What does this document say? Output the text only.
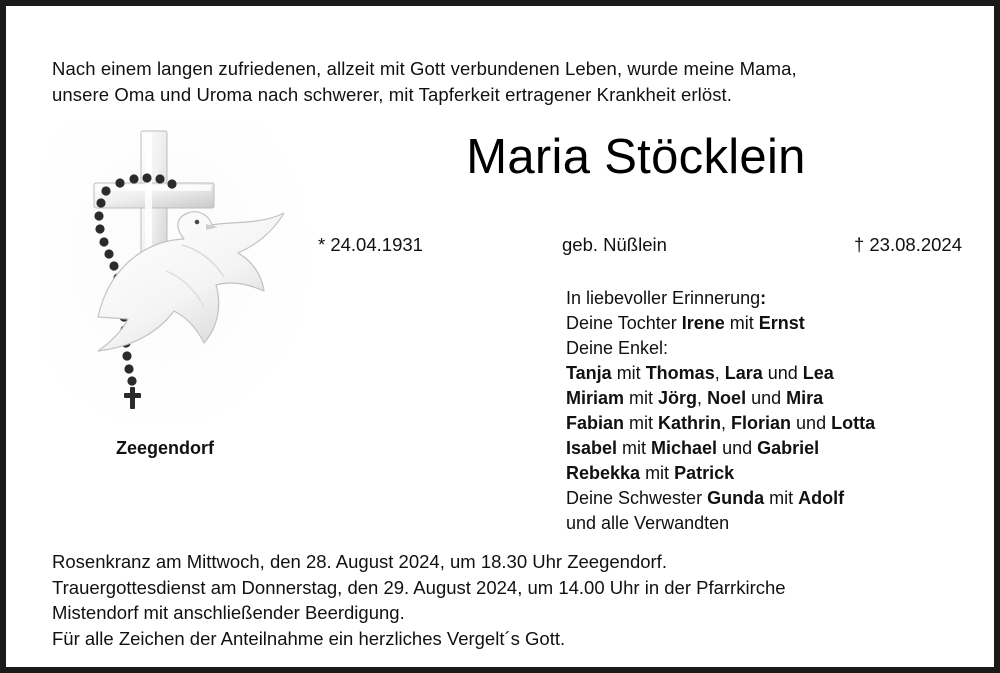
Nach einem langen zufriedenen, allzeit mit Gott verbundenen Leben, wurde meine Mama,
unsere Oma und Uroma nach schwerer, mit Tapferkeit ertragener Krankheit erlöst.
Maria Stöcklein
* 24.04.1931	geb. Nüßlein	† 23.08.2024
In liebevoller Erinnerung:
Deine Tochter Irene mit Ernst
Deine Enkel:
Tanja mit Thomas, Lara und Lea
Miriam mit Jörg, Noel und Mira
Fabian mit Kathrin, Florian und Lotta
Isabel mit Michael und Gabriel
Rebekka mit Patrick
Deine Schwester Gunda mit Adolf
und alle Verwandten
Zeegendorf
Rosenkranz am Mittwoch, den 28. August 2024, um 18.30 Uhr Zeegendorf.
Trauergottesdienst am Donnerstag, den 29. August 2024, um 14.00 Uhr in der Pfarrkirche
Mistendorf mit anschließender Beerdigung.
Für alle Zeichen der Anteilnahme ein herzliches Vergelt´s Gott.
